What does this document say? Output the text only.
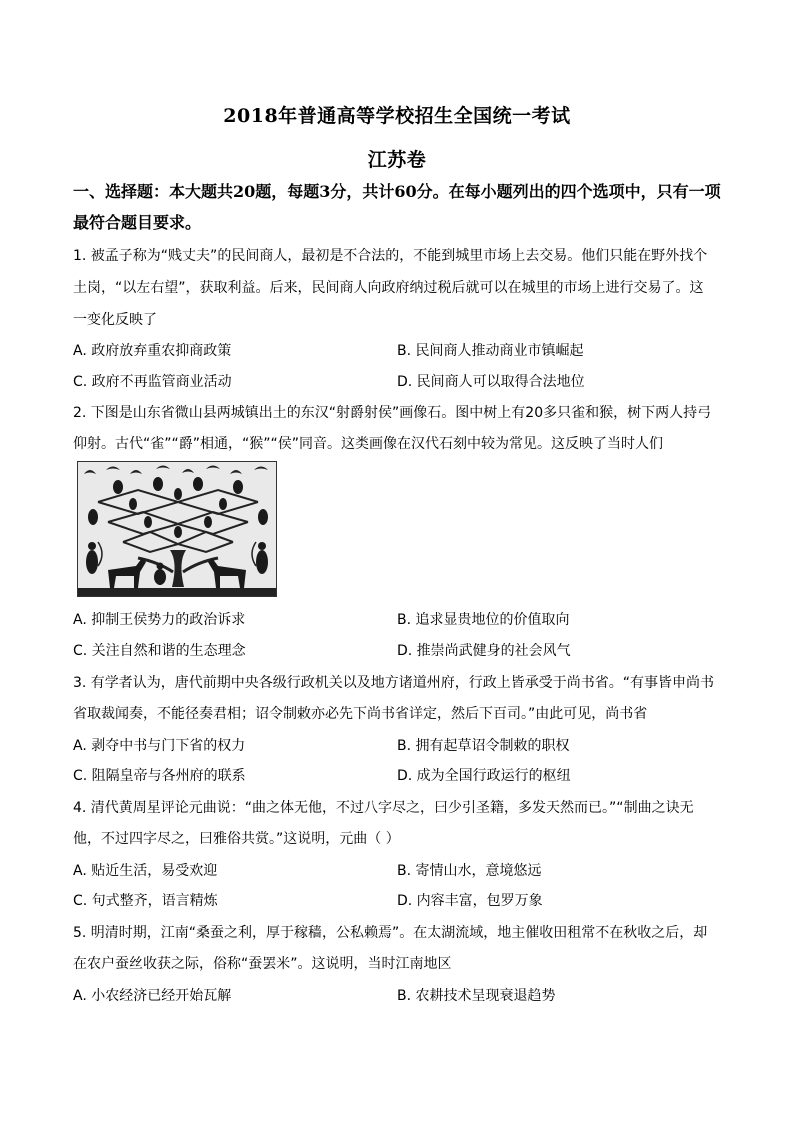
2018年普通高等学校招生全国统一考试
江苏卷
一、选择题：本大题共20题，每题3分，共计60分。在每小题列出的四个选项中，只有一项最符合题目要求。
1. 被孟子称为“贱丈夫”的民间商人，最初是不合法的，不能到城里市场上去交易。他们只能在野外找个
土岗，“以左右望”，获取利益。后来，民间商人向政府纳过税后就可以在城里的市场上进行交易了。这
一变化反映了
A. 政府放弃重农抑商政策	B. 民间商人推动商业市镇崛起
C. 政府不再监管商业活动	D. 民间商人可以取得合法地位
2. 下图是山东省微山县两城镇出土的东汉“射爵射侯”画像石。图中树上有20多只雀和猴，树下两人持弓
仰射。古代“雀”“爵”相通，“猴”“侯”同音。这类画像在汉代石刻中较为常见。这反映了当时人们
A. 抑制王侯势力的政治诉求	B. 追求显贵地位的价值取向
C. 关注自然和谐的生态理念	D. 推崇尚武健身的社会风气
3. 有学者认为，唐代前期中央各级行政机关以及地方诸道州府，行政上皆承受于尚书省。“有事皆申尚书
省取裁闻奏，不能径奏君相；诏令制敕亦必先下尚书省详定，然后下百司。”由此可见，尚书省
A. 剥夺中书与门下省的权力	B. 拥有起草诏令制敕的职权
C. 阻隔皇帝与各州府的联系	D. 成为全国行政运行的枢纽
4. 清代黄周星评论元曲说：“曲之体无他，不过八字尽之，曰少引圣籍，多发天然而已。”“制曲之诀无
他，不过四字尽之，曰雅俗共赏。”这说明，元曲（ ）
A. 贴近生活，易受欢迎	B. 寄情山水，意境悠远
C. 句式整齐，语言精炼	D. 内容丰富，包罗万象
5. 明清时期，江南“桑蚕之利，厚于稼穑，公私赖焉”。在太湖流域，地主催收田租常不在秋收之后，却
在农户蚕丝收获之际，俗称“蚕罢米”。这说明，当时江南地区
A. 小农经济已经开始瓦解	B. 农耕技术呈现衰退趋势
